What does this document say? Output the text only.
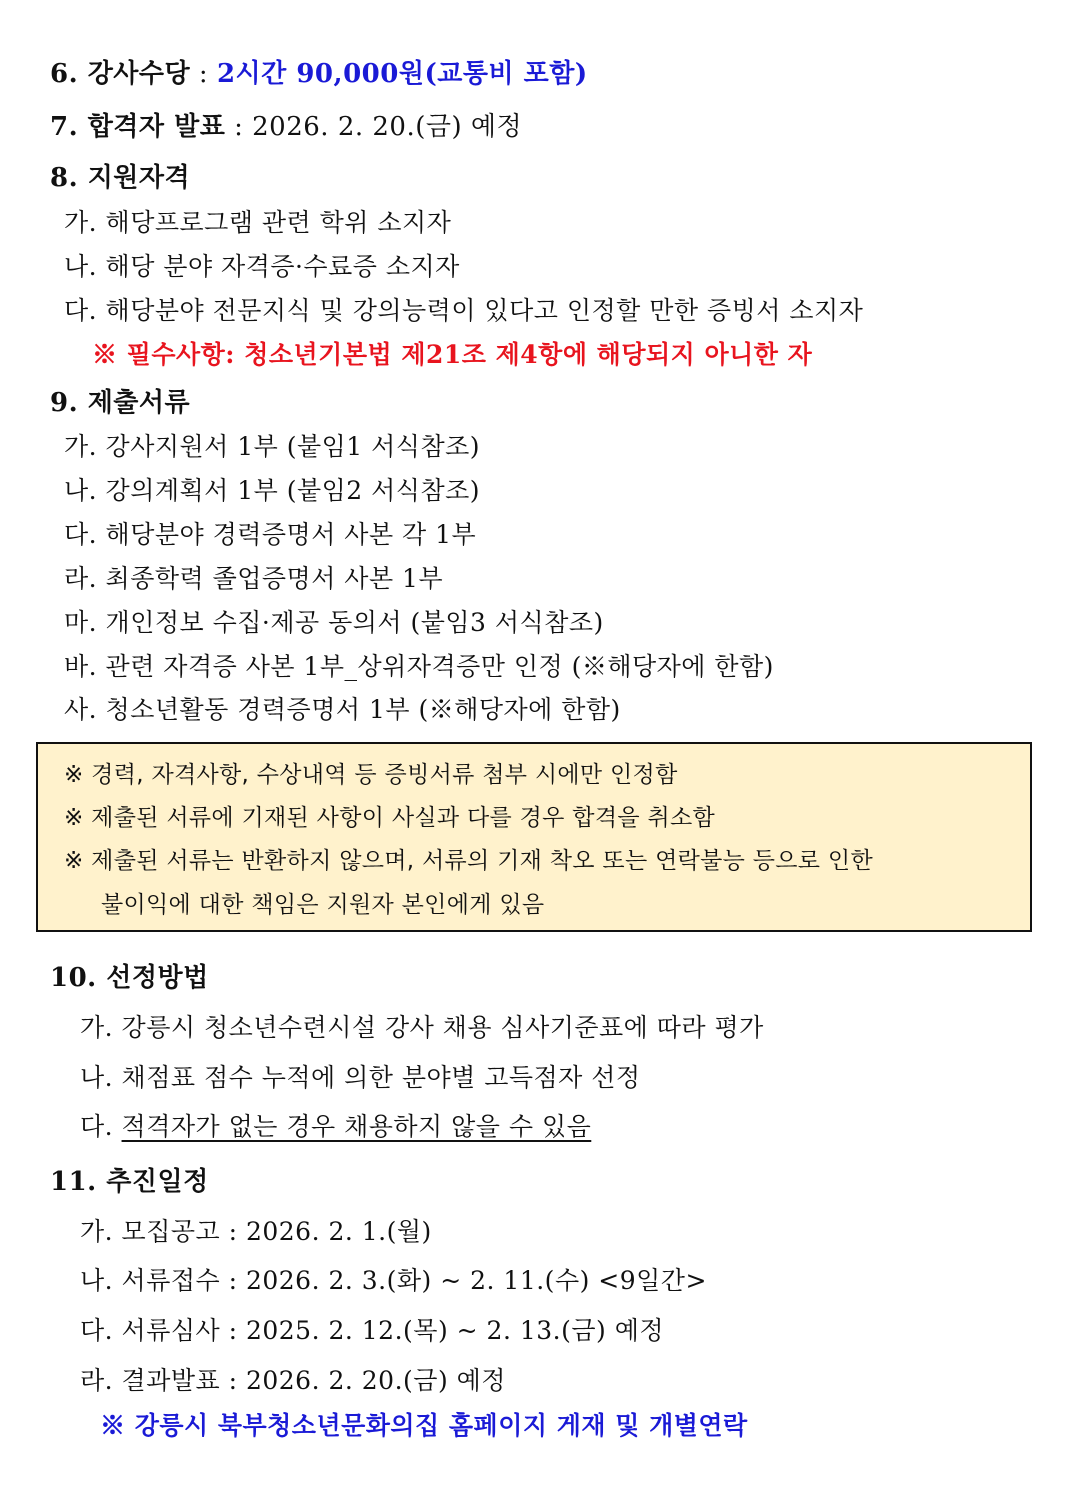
6. 강사수당 : 2시간 90,000원(교통비 포함)
7. 합격자 발표 : 2026. 2. 20.(금) 예정
8. 지원자격
가. 해당프로그램 관련 학위 소지자
나. 해당 분야 자격증·수료증 소지자
다. 해당분야 전문지식 및 강의능력이 있다고 인정할 만한 증빙서 소지자
※ 필수사항: 청소년기본법 제21조 제4항에 해당되지 아니한 자
9. 제출서류
가. 강사지원서 1부 (붙임1 서식참조)
나. 강의계획서 1부 (붙임2 서식참조)
다. 해당분야 경력증명서 사본 각 1부
라. 최종학력 졸업증명서 사본 1부
마. 개인정보 수집·제공 동의서 (붙임3 서식참조)
바. 관련 자격증 사본 1부_상위자격증만 인정 (※해당자에 한함)
사. 청소년활동 경력증명서 1부 (※해당자에 한함)
※ 경력, 자격사항, 수상내역 등 증빙서류 첨부 시에만 인정함
※ 제출된 서류에 기재된 사항이 사실과 다를 경우 합격을 취소함
※ 제출된 서류는 반환하지 않으며, 서류의 기재 착오 또는 연락불능 등으로 인한
불이익에 대한 책임은 지원자 본인에게 있음
10. 선정방법
가. 강릉시 청소년수련시설 강사 채용 심사기준표에 따라 평가
나. 채점표 점수 누적에 의한 분야별 고득점자 선정
다. 적격자가 없는 경우 채용하지 않을 수 있음
11. 추진일정
가. 모집공고 : 2026. 2. 1.(월)
나. 서류접수 : 2026. 2. 3.(화) ~ 2. 11.(수) <9일간>
다. 서류심사 : 2025. 2. 12.(목) ~ 2. 13.(금) 예정
라. 결과발표 : 2026. 2. 20.(금) 예정
※ 강릉시 북부청소년문화의집 홈페이지 게재 및 개별연락
